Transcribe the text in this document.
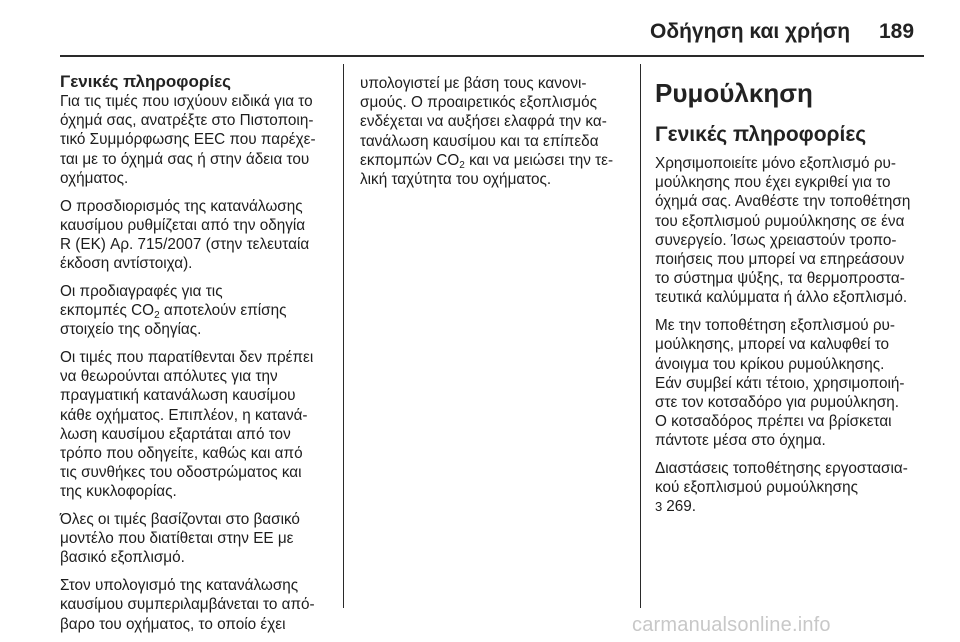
Οδήγηση και χρήση 189
Γενικές πληροφορίες

Για τις τιμές που ισχύουν ειδικά για το
όχημά σας, ανατρέξτε στο Πιστοποιη-
τικό Συμμόρφωσης EEC που παρέχε-
ται με το όχημά σας ή στην άδεια του
οχήματος.

Ο προσδιορισμός της κατανάλωσης
καυσίμου ρυθμίζεται από την οδηγία
R (ΕΚ) Αρ. 715/2007 (στην τελευταία
έκδοση αντίστοιχα).

Οι προδιαγραφές για τις
εκπομπές $CO_2$ αποτελούν επίσης
στοιχείο της οδηγίας.

Οι τιμές που παρατίθενται δεν πρέπει
να θεωρούνται απόλυτες για την
πραγματική κατανάλωση καυσίμου
κάθε οχήματος. Επιπλέον, η κατανά-
λωση καυσίμου εξαρτάται από τον
τρόπο που οδηγείτε, καθώς και από
τις συνθήκες του οδοστρώματος και
της κυκλοφορίας.

Όλες οι τιμές βασίζονται στο βασικό
μοντέλο που διατίθεται στην ΕΕ με
βασικό εξοπλισμό.

Στον υπολογισμό της κατανάλωσης
καυσίμου συμπεριλαμβάνεται το από-
βαρο του οχήματος, το οποίο έχει

υπολογιστεί με βάση τους κανονι-
σμούς. Ο προαιρετικός εξοπλισμός
ενδέχεται να αυξήσει ελαφρά την κα-
τανάλωση καυσίμου και τα επίπεδα
εκπομπών $CO_2$ και να μειώσει την τε-
λική ταχύτητα του οχήματος.

Ρυμούλκηση
Γενικές πληροφορίες

Χρησιμοποιείτε μόνο εξοπλισμό ρυ-
μούλκησης που έχει εγκριθεί για το
όχημά σας. Αναθέστε την τοποθέτηση
του εξοπλισμού ρυμούλκησης σε ένα
συνεργείο. Ίσως χρειαστούν τροπο-
ποιήσεις που μπορεί να επηρεάσουν
το σύστημα ψύξης, τα θερμοπροστα-
τευτικά καλύμματα ή άλλο εξοπλισμό.

Με την τοποθέτηση εξοπλισμού ρυ-
μούλκησης, μπορεί να καλυφθεί το
άνοιγμα του κρίκου ρυμούλκησης.
Εάν συμβεί κάτι τέτοιο, χρησιμοποιή-
στε τον κοτσαδόρο για ρυμούλκηση.
Ο κοτσαδόρος πρέπει να βρίσκεται
πάντοτε μέσα στο όχημα.

Διαστάσεις τοποθέτησης εργοστασια-
κού εξοπλισμού ρυμούλκησης
3 269.

carmanualsonline.info
